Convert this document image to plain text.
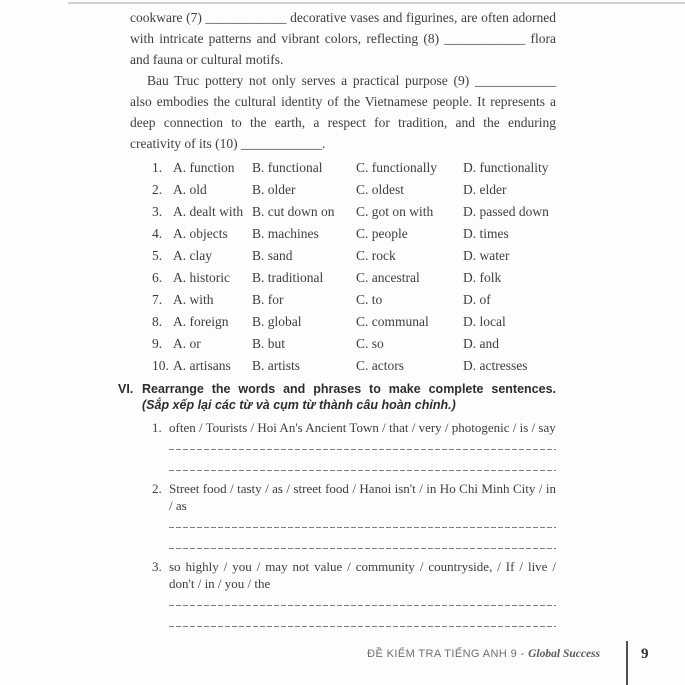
cookware (7) ____________ decorative vases and figurines, are often adorned with intricate patterns and vibrant colors, reflecting (8) ____________ flora and fauna or cultural motifs.

Bau Truc pottery not only serves a practical purpose (9) ____________ also embodies the cultural identity of the Vietnamese people. It represents a deep connection to the earth, a respect for tradition, and the enduring creativity of its (10) ____________.

1. A. function	B. functional	C. functionally	D. functionality
2. A. old	B. older	C. oldest	D. elder
3. A. dealt with B. cut down on	C. got on with	D. passed down
4. A. objects	B. machines	C. people	D. times
5. A. clay	B. sand	C. rock	D. water
6. A. historic	B. traditional	C. ancestral	D. folk
7. A. with	B. for	C. to	D. of
8. A. foreign	B. global	C. communal	D. local
9. A. or	B. but	C. so	D. and
10. A. artisans	B. artists	C. actors	D. actresses
VI. Rearrange the words and phrases to make complete sentences.
(Sắp xếp lại các từ và cụm từ thành câu hoàn chỉnh.)
1. often / Tourists / Hoi An's Ancient Town / that / very / photogenic / is / say
2. Street food / tasty / as / street food / Hanoi isn't / in Ho Chi Minh City / in / as
3. so highly / you / may not value / community / countryside, / If / live / don't / in / you / the
ĐỀ KIỂM TRA TIẾNG ANH 9 - Global Success	9
